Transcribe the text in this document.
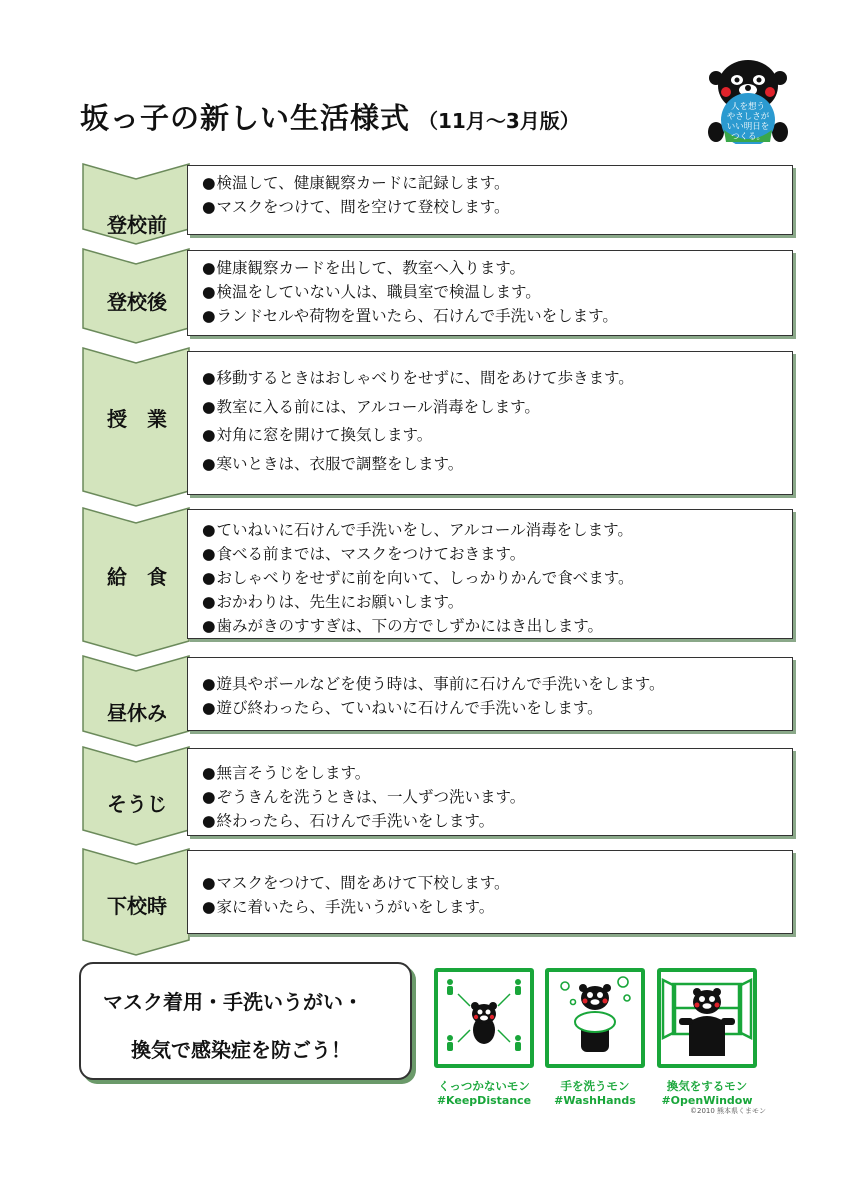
坂っ子の新しい生活様式 （11月～3月版）
人を想う
やさしさが
いい明日を
つくる。
登校前
● 検温して、健康観察カードに記録します。
● マスクをつけて、間を空けて登校します。
登校後
● 健康観察カードを出して、教室へ入ります。
● 検温をしていない人は、職員室で検温します。
● ランドセルや荷物を置いたら、石けんで手洗いをします。
授　業
● 移動するときはおしゃべりをせずに、間をあけて歩きます。
● 教室に入る前には、アルコール消毒をします。
● 対角に窓を開けて換気します。
● 寒いときは、衣服で調整をします。
給　食
● ていねいに石けんで手洗いをし、アルコール消毒をします。
● 食べる前までは、マスクをつけておきます。
● おしゃべりをせずに前を向いて、しっかりかんで食べます。
● おかわりは、先生にお願いします。
● 歯みがきのすすぎは、下の方でしずかにはき出します。
昼休み
● 遊具やボールなどを使う時は、事前に石けんで手洗いをします。
● 遊び終わったら、ていねいに石けんで手洗いをします。
そうじ
● 無言そうじをします。
● ぞうきんを洗うときは、一人ずつ洗います。
● 終わったら、石けんで手洗いをします。
下校時
● マスクをつけて、間をあけて下校します。
● 家に着いたら、手洗いうがいをします。
マスク着用・手洗いうがい・
換気で感染症を防ごう！
くっつかないモン
#KeepDistance
手を洗うモン
#WashHands
換気をするモン
#OpenWindow
©2010 熊本県くまモン
